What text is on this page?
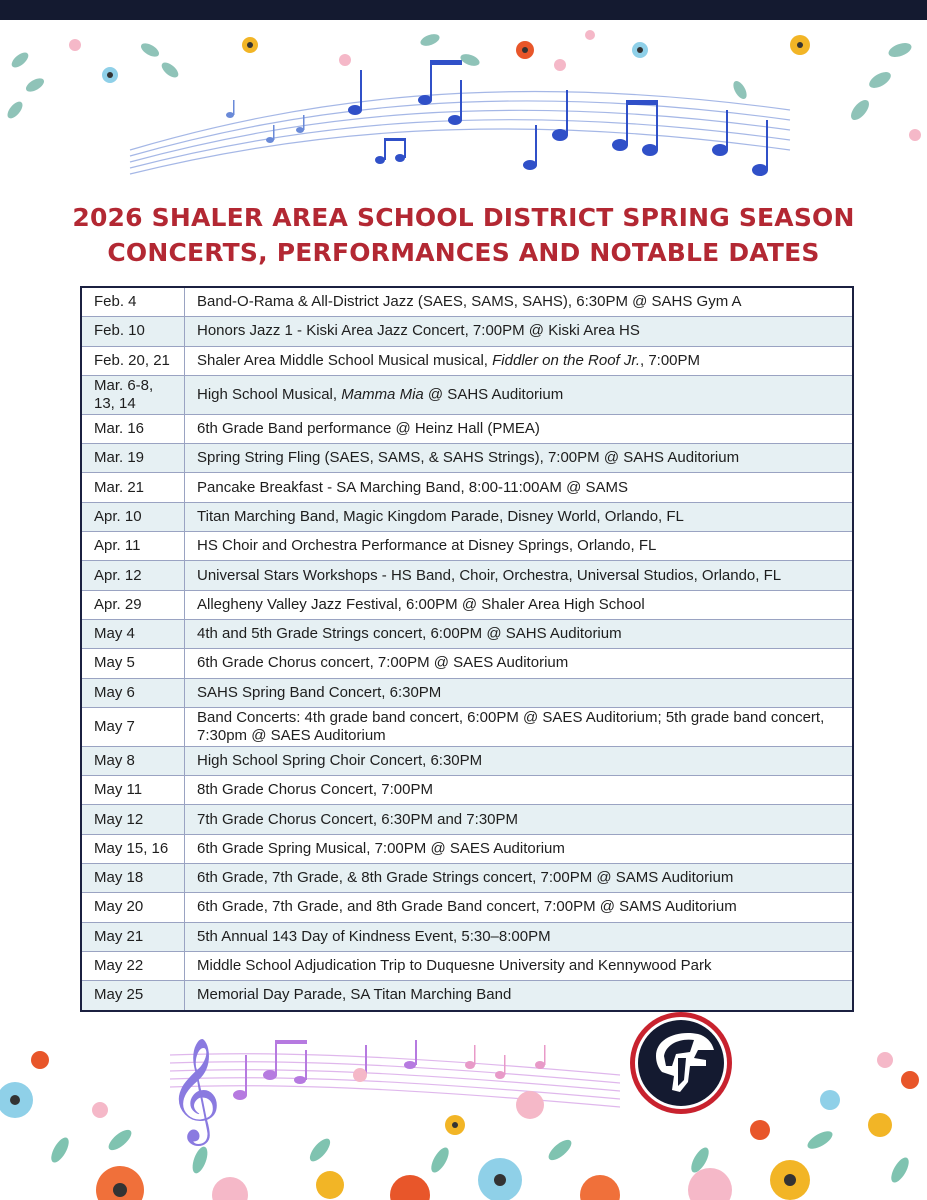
2026 SHALER AREA SCHOOL DISTRICT SPRING SEASON
CONCERTS, PERFORMANCES AND NOTABLE DATES
Feb. 4	Band-O-Rama & All-District Jazz (SAES, SAMS, SAHS), 6:30PM @ SAHS Gym A
Feb. 10	Honors Jazz 1 - Kiski Area Jazz Concert, 7:00PM @ Kiski Area HS
Feb. 20, 21	Shaler Area Middle School Musical musical, Fiddler on the Roof Jr., 7:00PM
Mar. 6-8, 13, 14	High School Musical, Mamma Mia @ SAHS Auditorium
Mar. 16	6th Grade Band performance @ Heinz Hall (PMEA)
Mar. 19	Spring String Fling (SAES, SAMS, & SAHS Strings), 7:00PM @ SAHS Auditorium
Mar. 21	Pancake Breakfast - SA Marching Band, 8:00-11:00AM @ SAMS
Apr. 10	Titan Marching Band, Magic Kingdom Parade, Disney World, Orlando, FL
Apr. 11	HS Choir and Orchestra Performance at Disney Springs, Orlando, FL
Apr. 12	Universal Stars Workshops - HS Band, Choir, Orchestra, Universal Studios, Orlando, FL
Apr. 29	Allegheny Valley Jazz Festival, 6:00PM @ Shaler Area High School
May 4	4th and 5th Grade Strings concert, 6:00PM @ SAHS Auditorium
May 5	6th Grade Chorus concert, 7:00PM @ SAES Auditorium
May 6	SAHS Spring Band Concert, 6:30PM
May 7	Band Concerts: 4th grade band concert, 6:00PM @ SAES Auditorium; 5th grade band concert, 7:30pm @ SAES Auditorium
May 8	High School Spring Choir Concert, 6:30PM
May 11	8th Grade Chorus Concert, 7:00PM
May 12	7th Grade Chorus Concert, 6:30PM and 7:30PM
May 15, 16	6th Grade Spring Musical, 7:00PM @ SAES Auditorium
May 18	6th Grade, 7th Grade, & 8th Grade Strings concert, 7:00PM @ SAMS Auditorium
May 20	6th Grade, 7th Grade, and 8th Grade Band concert, 7:00PM @ SAMS Auditorium
May 21	5th Annual 143 Day of Kindness Event, 5:30–8:00PM
May 22	Middle School Adjudication Trip to Duquesne University and Kennywood Park
May 25	Memorial Day Parade, SA Titan Marching Band
𝄞
